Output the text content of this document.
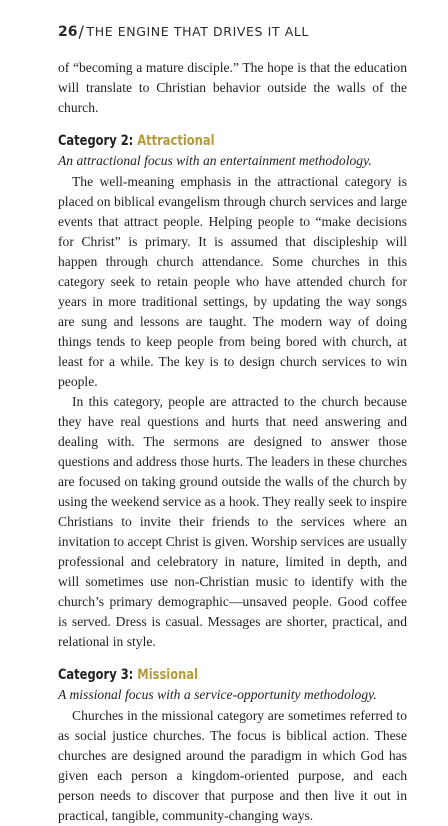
26/ THE ENGINE THAT DRIVES IT ALL

of “becoming a mature disciple.” The hope is that the education will translate to Christian behavior outside the walls of the church.

Category 2: Attractional
An attractional focus with an entertainment methodology.

The well-meaning emphasis in the attractional category is placed on biblical evangelism through church services and large events that attract people. Helping people to “make decisions for Christ” is primary. It is assumed that discipleship will happen through church attendance. Some churches in this category seek to retain people who have attended church for years in more traditional settings, by updating the way songs are sung and lessons are taught. The modern way of doing things tends to keep people from being bored with church, at least for a while. The key is to design church services to win people.

In this category, people are attracted to the church because they have real questions and hurts that need answering and dealing with. The sermons are designed to answer those questions and address those hurts. The leaders in these churches are focused on taking ground outside the walls of the church by using the weekend service as a hook. They really seek to inspire Christians to invite their friends to the services where an invitation to accept Christ is given. Worship services are usually professional and celebratory in nature, limited in depth, and will sometimes use non-Christian music to identify with the church’s primary demographic—unsaved people. Good coffee is served. Dress is casual. Messages are shorter, practical, and relational in style.

Category 3: Missional
A missional focus with a service-opportunity methodology.

Churches in the missional category are sometimes referred to as social justice churches. The focus is biblical action. These churches are designed around the paradigm in which God has given each person a kingdom-oriented purpose, and each person needs to discover that purpose and then live it out in practical, tangible, community-changing ways.
